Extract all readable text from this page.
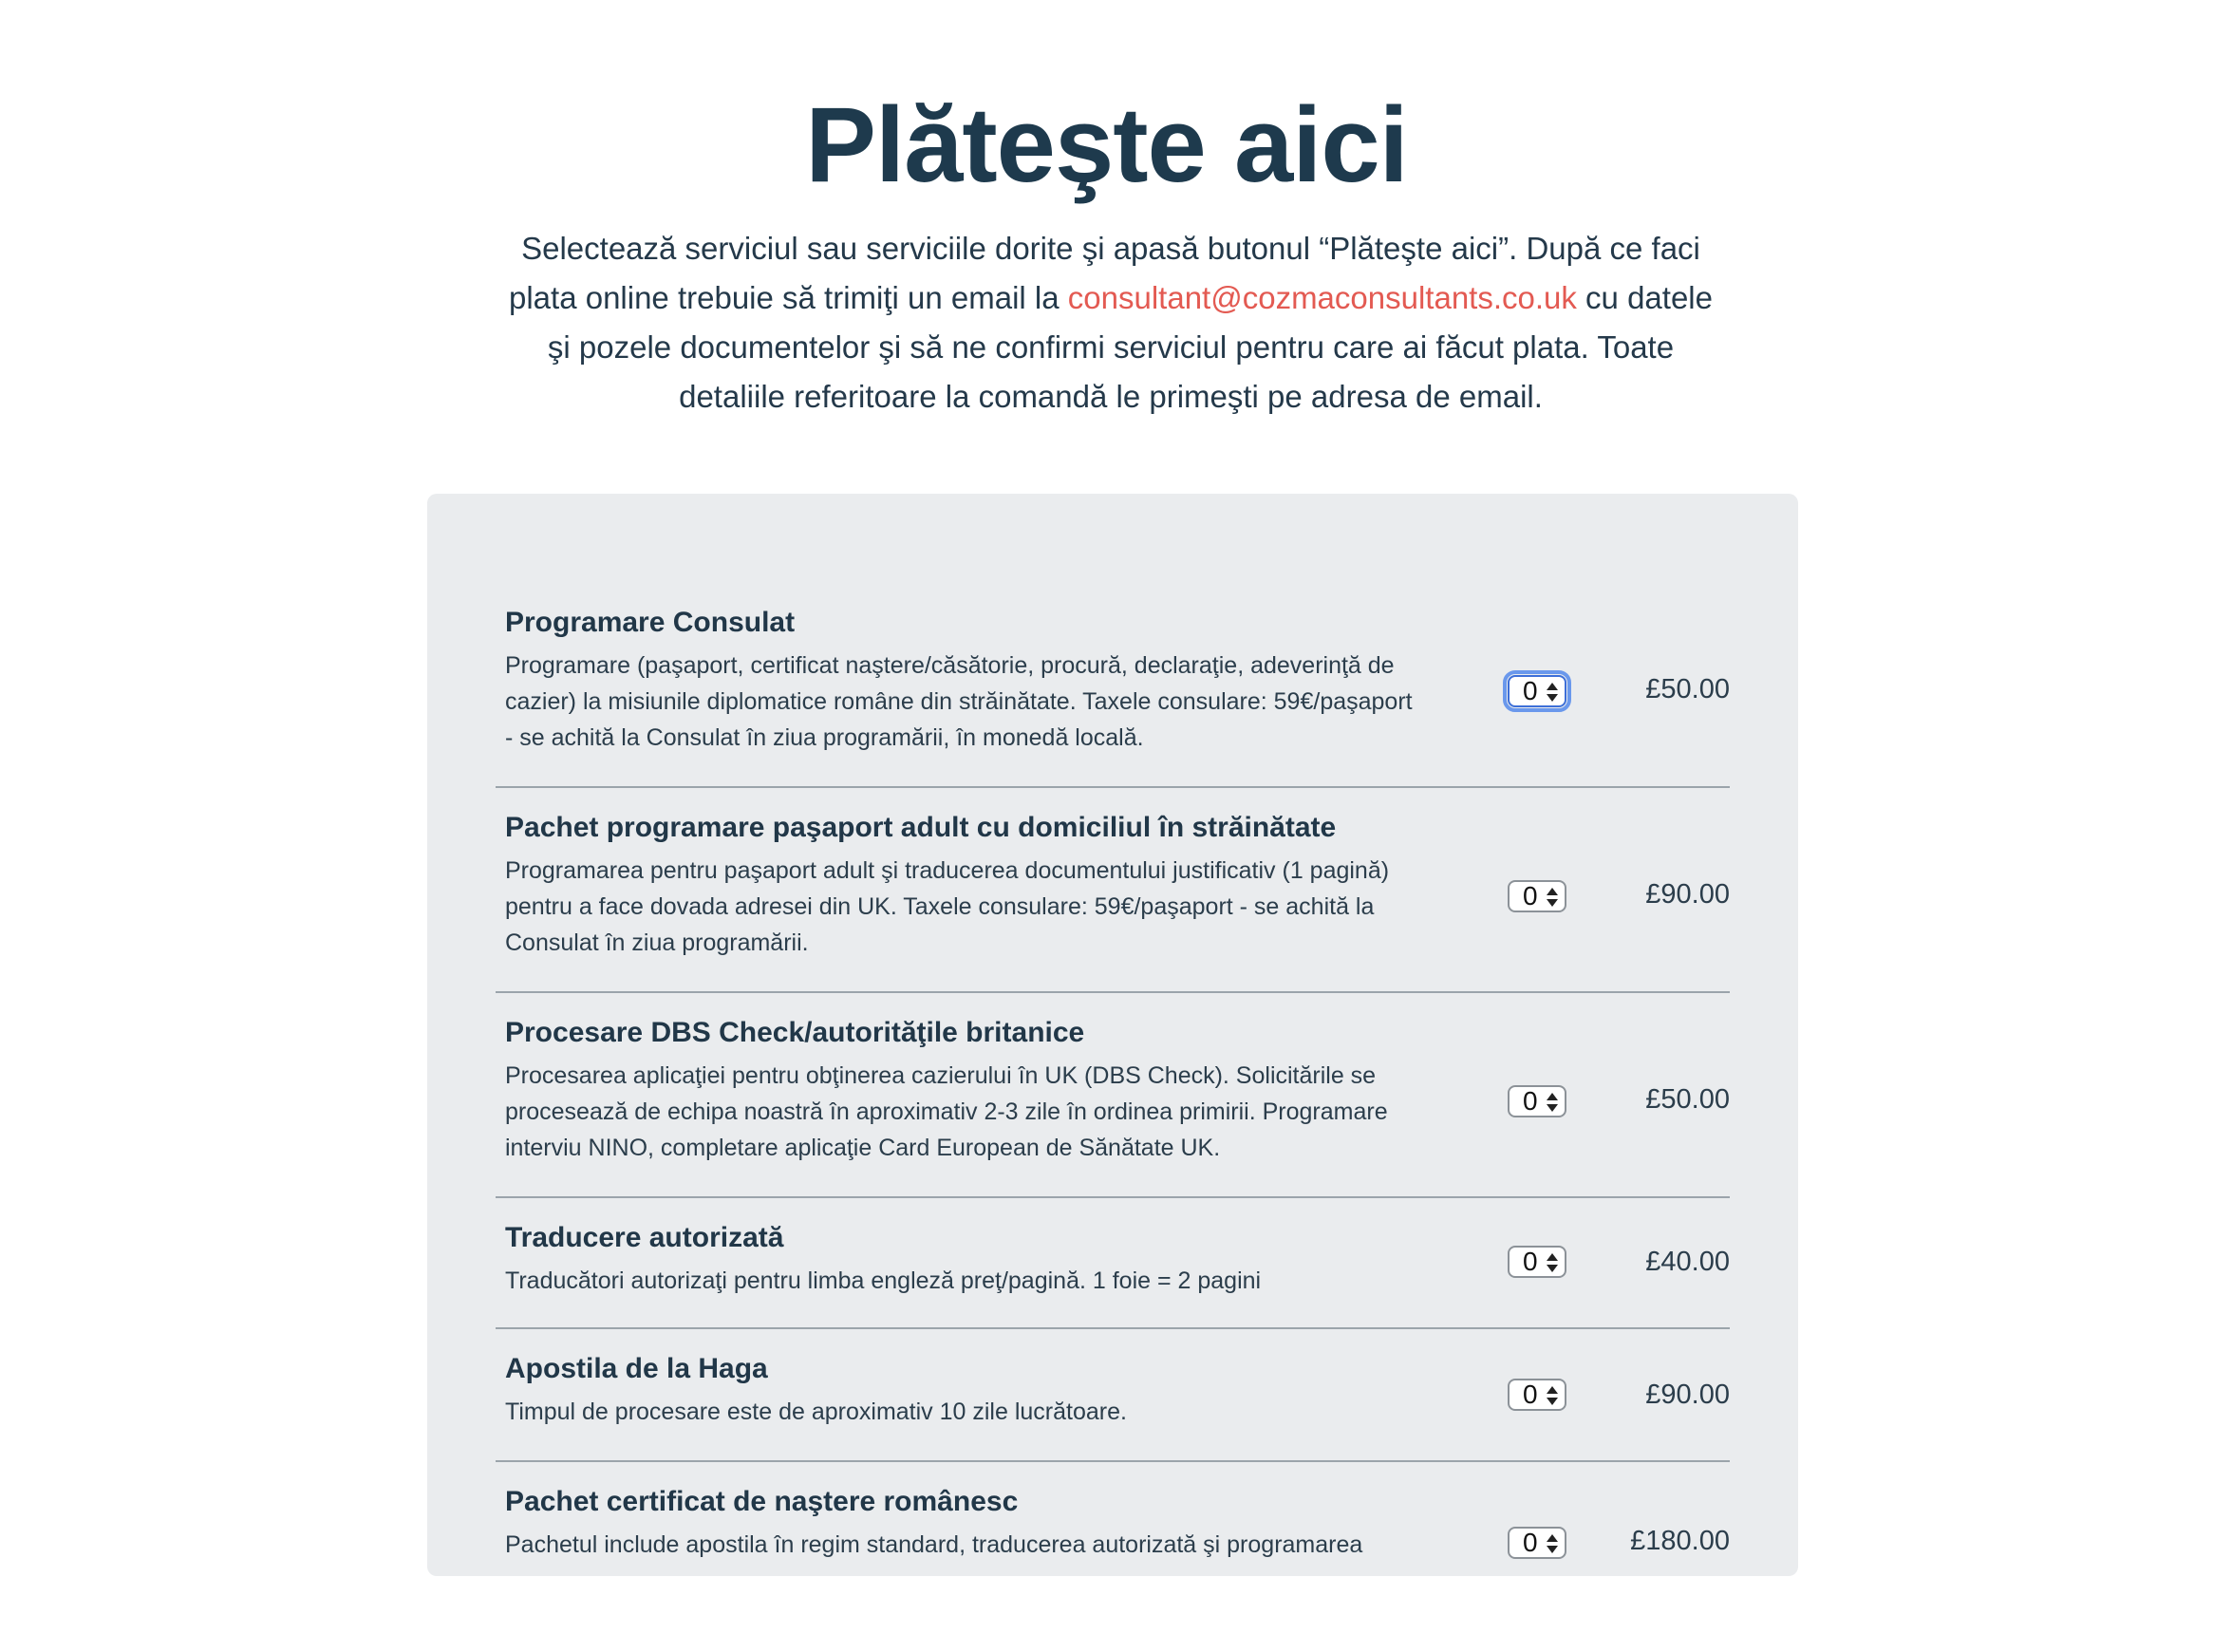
Plăteşte aici

Selectează serviciul sau serviciile dorite şi apasă butonul “Plăteşte aici”. După ce faci plata online trebuie să trimiţi un email la consultant@cozmaconsultants.co.uk cu datele şi pozele documentelor şi să ne confirmi serviciul pentru care ai făcut plata. Toate detaliile referitoare la comandă le primeşti pe adresa de email.

Programare Consulat
Programare (paşaport, certificat naştere/căsătorie, procură, declaraţie, adeverinţă de cazier) la misiunile diplomatice române din străinătate. Taxele consulare: 59€/paşaport - se achită la Consulat în ziua programării, în monedă locală.
0	£50.00
Pachet programare paşaport adult cu domiciliul în străinătate
Programarea pentru paşaport adult şi traducerea documentului justificativ (1 pagină) pentru a face dovada adresei din UK. Taxele consulare: 59€/paşaport - se achită la Consulat în ziua programării.
0	£90.00
Procesare DBS Check/autorităţile britanice
Procesarea aplicaţiei pentru obţinerea cazierului în UK (DBS Check). Solicitările se procesează de echipa noastră în aproximativ 2-3 zile în ordinea primirii. Programare interviu NINO, completare aplicaţie Card European de Sănătate UK.
0	£50.00
Traducere autorizată
Traducători autorizaţi pentru limba engleză preţ/pagină. 1 foie = 2 pagini
0	£40.00
Apostila de la Haga
Timpul de procesare este de aproximativ 10 zile lucrătoare.
0	£90.00
Pachet certificat de naştere românesc
Pachetul include apostila în regim standard, traducerea autorizată şi programarea	0	£180.00
